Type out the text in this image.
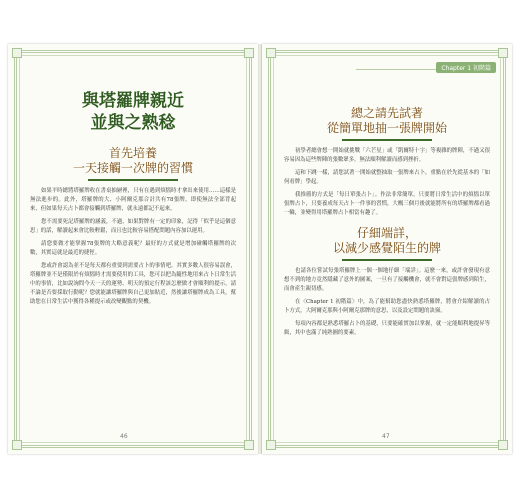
與塔羅牌親近
並與之熟稔

首先培養

一天接觸一次牌的習慣

如果平時總將塔羅牌收在書桌抽屜裡，只有在遇到煩惱時才拿出來使用……這樣是無法進步的。此外，塔羅牌的大、小阿爾克那合計共有78張牌，即使無法全部背起來，但如果每天占卜都會接觸到塔羅牌，就永遠都記不起來。

您不需要死記塔羅牌的涵義，不過，如果對牌有一定的印象，記得「似乎是這個意思」的話，解讀起來會比較輕鬆，而且也比較容易搭配問題內容加以運用。

請您要做才能掌握78張牌的大略意義呢？最好的方式就是增加碰觸塔羅牌的次數，其實這就是最近的捷徑。

您或許會認為並不是每天都有重要到需要占卜的事情吧。其實多數人很容易誤會，塔羅牌並不是僅限於有煩惱時才需要使用的工具，您可以把為隨性地用來占卜日常生活中的事情，比如說詢問今天一天的運勢、明天的預定行程該怎麼做才會順利的提示，請不論是否要採取行動呢？您就能讓塔羅牌與自己更加貼近，然後讓塔羅牌成為工具，幫助您在日常生活中獲得各種提示或改變觀點的契機。

46
Chapter 1 初階篇

總之請先試著

從簡單地抽一張牌開始

初學者總會想一開始就挑戰「六芒星」或「凱爾特十字」等複雜的牌陣，不過又很容易因為這些牌陣的張數眾多，無法順利解讀而感到挫折。

這和下跳一樣，請您試著一開始就整抽取一張牌來占卜，重點在於先從基本的「如何看牌」學起。

我推薦的方式是「每日單張占卜」。作法非常簡單，只要將日常生活中的煩惱以單張牌占卜，只要養成每天占卜一件事的習慣，大概三個月後就能將所有的塔羅牌都看過一輪，並變得用塔羅牌占卜相當有趣了。

仔細端詳，

以減少感覺陌生的牌

也請各位嘗試每張塔羅牌上一個一個地仔細「端詳」。這麼一來，或許會發現有意想不到的地方竟然隱藏了意外的圖案，一旦有了接觸機會，就不會對這張牌感到陌生，而會產生親切感。

在〈Chapter 1 初階篇〉中，為了能幫助您盡快熟悉塔羅牌，將會介紹解讀的占卜方式，大阿爾克那與小阿爾克那牌的意思，以及設定問題的訣竅。

每項內容都是熟悉塔羅占卜的基礎，只要能確實加以掌握，就一定能順利地提昇等級，其中也滿了純熟圖的要素。

47
